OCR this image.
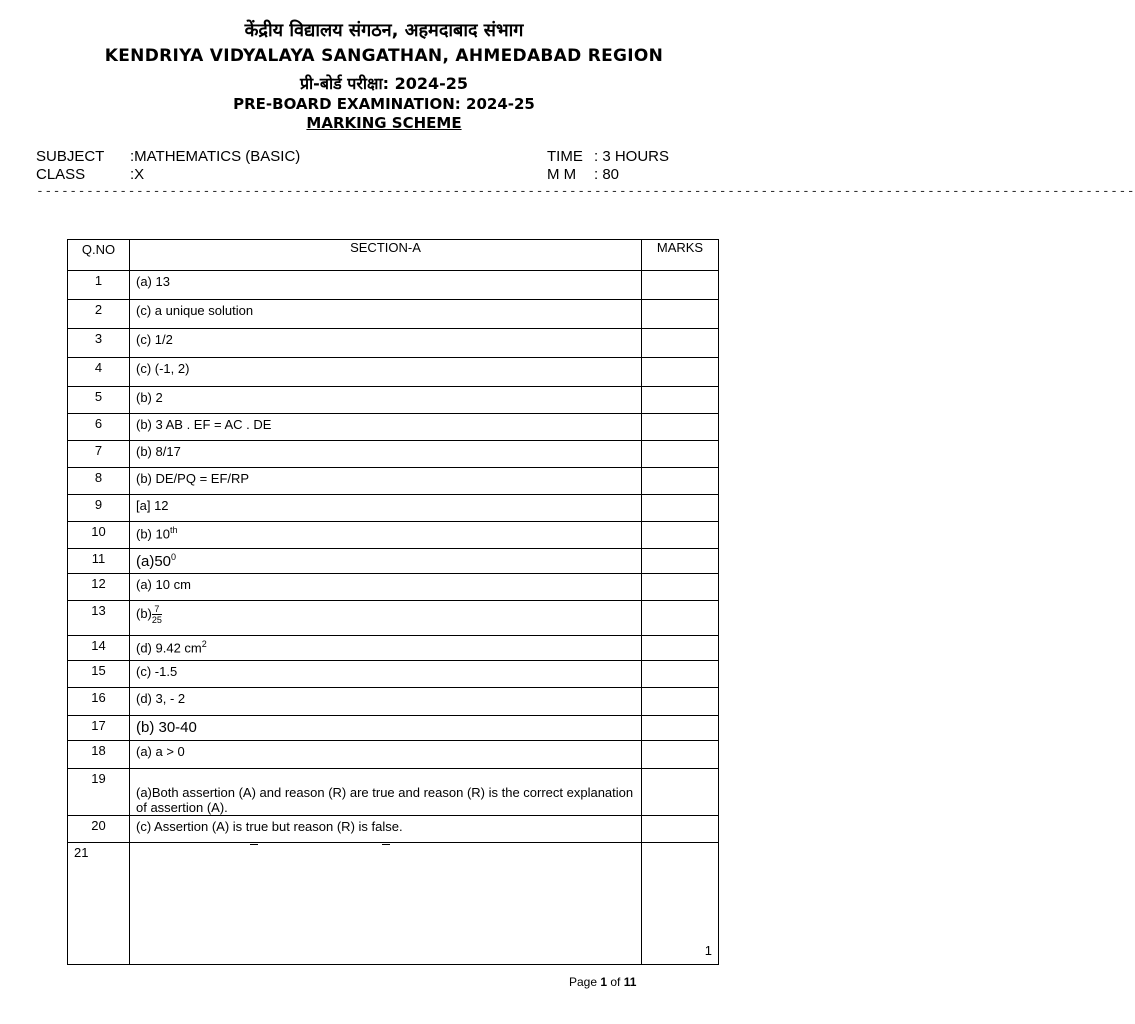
केंद्रीय विद्यालय संगठन, अहमदाबाद संभाग
KENDRIYA VIDYALAYA SANGATHAN, AHMEDABAD REGION
प्री-बोर्ड परीक्षा: 2024-25
PRE-BOARD EXAMINATION: 2024-25
MARKING SCHEME
SUBJECT :MATHEMATICS (BASIC)
CLASS	:X
TIME : 3 HOURS
M M : 80
------------------------------------------------------------------------------------------------------------------------------------
Q.NO	SECTION-A	MARKS
1	(a) 13	
2	(c) a unique solution	
3	(c) 1/2	
4	(c) (-1, 2)	
5	(b) 2	
6	(b) 3 AB . EF = AC . DE	
7	(b) 8/17	
8	(b) DE/PQ = EF/RP	
9	[a] 12	
10	(b) 10th	
11	$(a)50^0$	
12	(a) 10 cm	
13	$(b) \frac{7}{25}$

14	(d) 9.42 $cm^2$	
15	(c) -1.5	
16	(d) 3, - 2	
17	(b) 30-40	
18	(a) a > 0	
19	(a)Both assertion (A) and reason (R) are true and reason (R) is the correct explanation of assertion (A).	
20	(c) Assertion (A) is true but reason (R) is false.	
21		1
Page 1 of 11
